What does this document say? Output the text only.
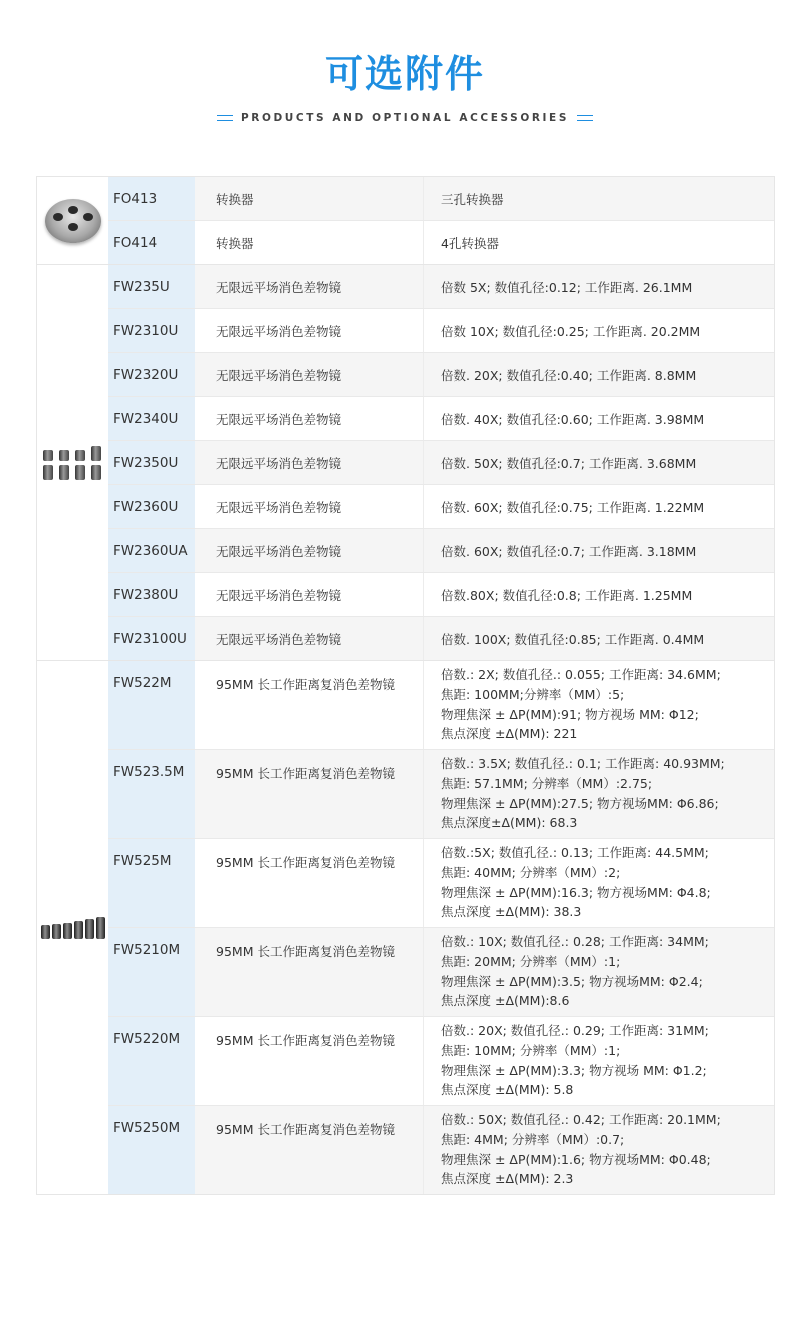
可选附件
PRODUCTS AND OPTIONAL ACCESSORIES
FO413	转换器	三孔转换器
FO414	转换器	4孔转换器
FW235U	无限远平场消色差物镜	倍数 5X; 数值孔径:0.12; 工作距离. 26.1MM
FW2310U	无限远平场消色差物镜	倍数 10X; 数值孔径:0.25; 工作距离. 20.2MM
FW2320U	无限远平场消色差物镜	倍数. 20X; 数值孔径:0.40; 工作距离. 8.8MM
FW2340U	无限远平场消色差物镜	倍数. 40X; 数值孔径:0.60; 工作距离. 3.98MM
FW2350U	无限远平场消色差物镜	倍数. 50X; 数值孔径:0.7; 工作距离. 3.68MM
FW2360U	无限远平场消色差物镜	倍数. 60X; 数值孔径:0.75; 工作距离. 1.22MM
FW2360UA	无限远平场消色差物镜	倍数. 60X; 数值孔径:0.7; 工作距离. 3.18MM
FW2380U	无限远平场消色差物镜	倍数.80X; 数值孔径:0.8; 工作距离. 1.25MM
FW23100U	无限远平场消色差物镜	倍数. 100X; 数值孔径:0.85; 工作距离. 0.4MM
FW522M	95MM 长工作距离复消色差物镜
倍数.: 2X; 数值孔径.: 0.055; 工作距离: 34.6MM;
焦距: 100MM;分辨率（MM）:5;
物理焦深 ± ΔP(MM):91; 物方视场 MM: Φ12;
焦点深度 ±Δ(MM): 221
FW523.5M	95MM 长工作距离复消色差物镜
倍数.: 3.5X; 数值孔径.: 0.1; 工作距离: 40.93MM;
焦距: 57.1MM; 分辨率（MM）:2.75;
物理焦深 ± ΔP(MM):27.5; 物方视场MM: Φ6.86;
焦点深度±Δ(MM): 68.3
FW525M	95MM 长工作距离复消色差物镜
倍数.:5X; 数值孔径.: 0.13; 工作距离: 44.5MM;
焦距: 40MM; 分辨率（MM）:2;
物理焦深 ± ΔP(MM):16.3; 物方视场MM: Φ4.8;
焦点深度 ±Δ(MM): 38.3
FW5210M	95MM 长工作距离复消色差物镜
倍数.: 10X; 数值孔径.: 0.28; 工作距离: 34MM;
焦距: 20MM; 分辨率（MM）:1;
物理焦深 ± ΔP(MM):3.5; 物方视场MM: Φ2.4;
焦点深度 ±Δ(MM):8.6
FW5220M	95MM 长工作距离复消色差物镜
倍数.: 20X; 数值孔径.: 0.29; 工作距离: 31MM;
焦距: 10MM; 分辨率（MM）:1;
物理焦深 ± ΔP(MM):3.3; 物方视场 MM: Φ1.2;
焦点深度 ±Δ(MM): 5.8
FW5250M	95MM 长工作距离复消色差物镜
倍数.: 50X; 数值孔径.: 0.42; 工作距离: 20.1MM;
焦距: 4MM; 分辨率（MM）:0.7;
物理焦深 ± ΔP(MM):1.6; 物方视场MM: Φ0.48;
焦点深度 ±Δ(MM): 2.3
